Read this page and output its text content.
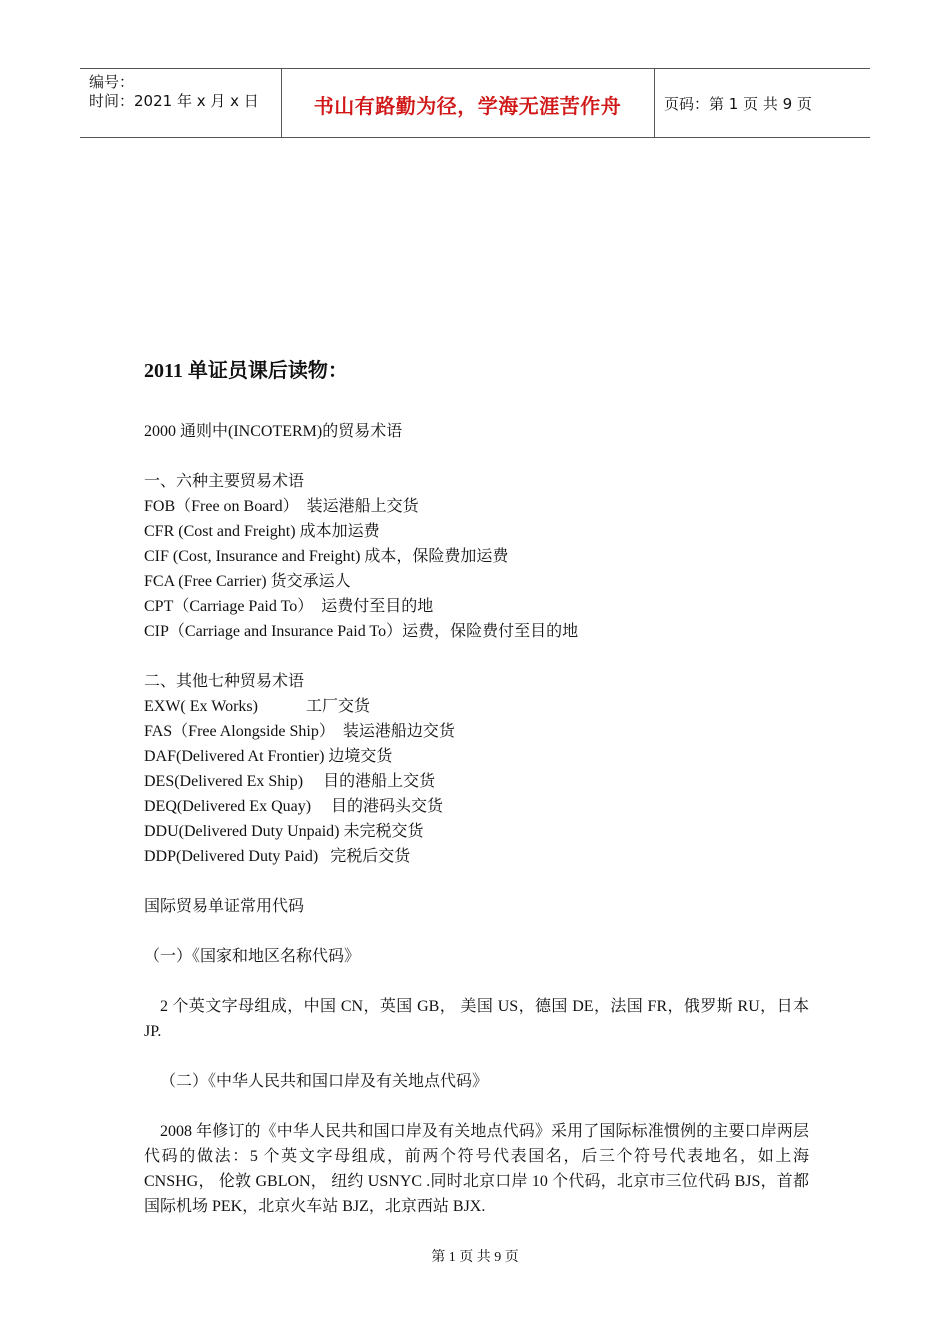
编号：
时间：2021 年 x 月 x 日	书山有路勤为径，学海无涯苦作舟	页码：第 1 页 共 9 页

2011 单证员课后读物：

2000 通则中(INCOTERM)的贸易术语

一、六种主要贸易术语

FOB（Free on Board）  装运港船上交货

CFR (Cost and Freight) 成本加运费

CIF (Cost, Insurance and Freight) 成本，保险费加运费

FCA (Free Carrier) 货交承运人

CPT（Carriage Paid To）  运费付至目的地

CIP（Carriage and Insurance Paid To）运费，保险费付至目的地

二、其他七种贸易术语

EXW( Ex Works)            工厂交货

FAS（Free Alongside Ship）  装运港船边交货

DAF(Delivered At Frontier) 边境交货

DES(Delivered Ex Ship)     目的港船上交货

DEQ(Delivered Ex Quay)     目的港码头交货

DDU(Delivered Duty Unpaid) 未完税交货

DDP(Delivered Duty Paid)   完税后交货

国际贸易单证常用代码

（一）《国家和地区名称代码》

2 个英文字母组成，中国 CN，英国 GB， 美国 US，德国 DE，法国 FR，俄罗斯 RU，日本 JP.

（二）《中华人民共和国口岸及有关地点代码》

2008 年修订的《中华人民共和国口岸及有关地点代码》采用了国际标准惯例的主要口岸两层代码的做法：5 个英文字母组成，前两个符号代表国名，后三个符号代表地名，如上海 CNSHG， 伦敦 GBLON， 纽约 USNYC .同时北京口岸 10 个代码，北京市三位代码 BJS，首都国际机场 PEK，北京火车站 BJZ，北京西站 BJX.

第 1 页 共 9 页
